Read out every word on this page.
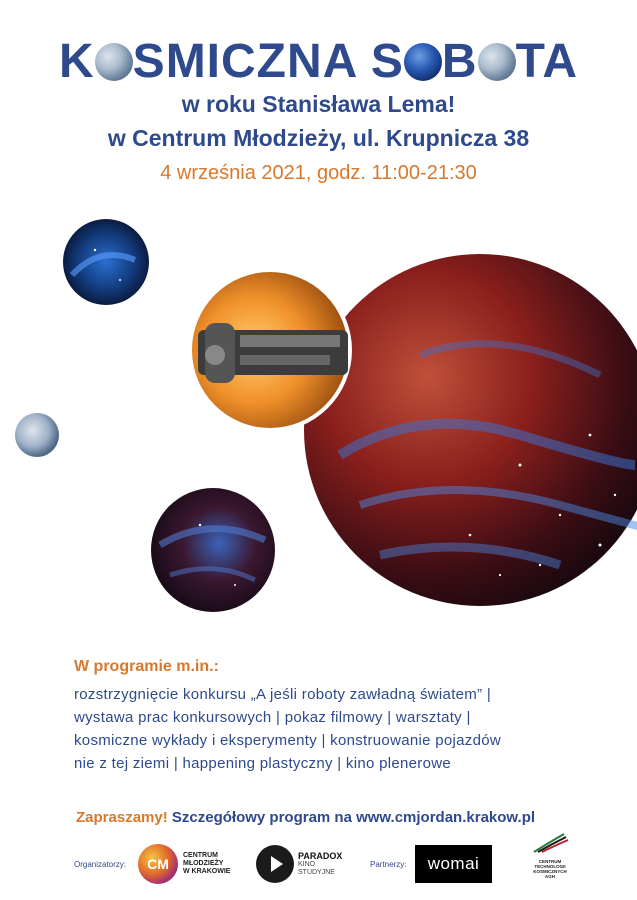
K SMICZNA S B TA
w roku Stanisława Lema!
w Centrum Młodzieży, ul. Krupnicza 38
4 września 2021, godz. 11:00-21:30
W programie m.in.:
rozstrzygnięcie konkursu „A jeśli roboty zawładną światem” |
wystawa prac konkursowych | pokaz filmowy | warsztaty |
kosmiczne wykłady i eksperymenty | konstruowanie pojazdów
nie z tej ziemi | happening plastyczny | kino plenerowe
Zapraszamy! Szczegółowy program na www.cmjordan.krakow.pl
Organizatorzy:	CM
CENTRUM
MŁODZIEŻY
W KRAKOWIE
PARADOX
KINO
STUDYJNE
Partnerzy:	womai	CENTRUM
TECHNOLOGII
KOSMICZNYCH
AGH
